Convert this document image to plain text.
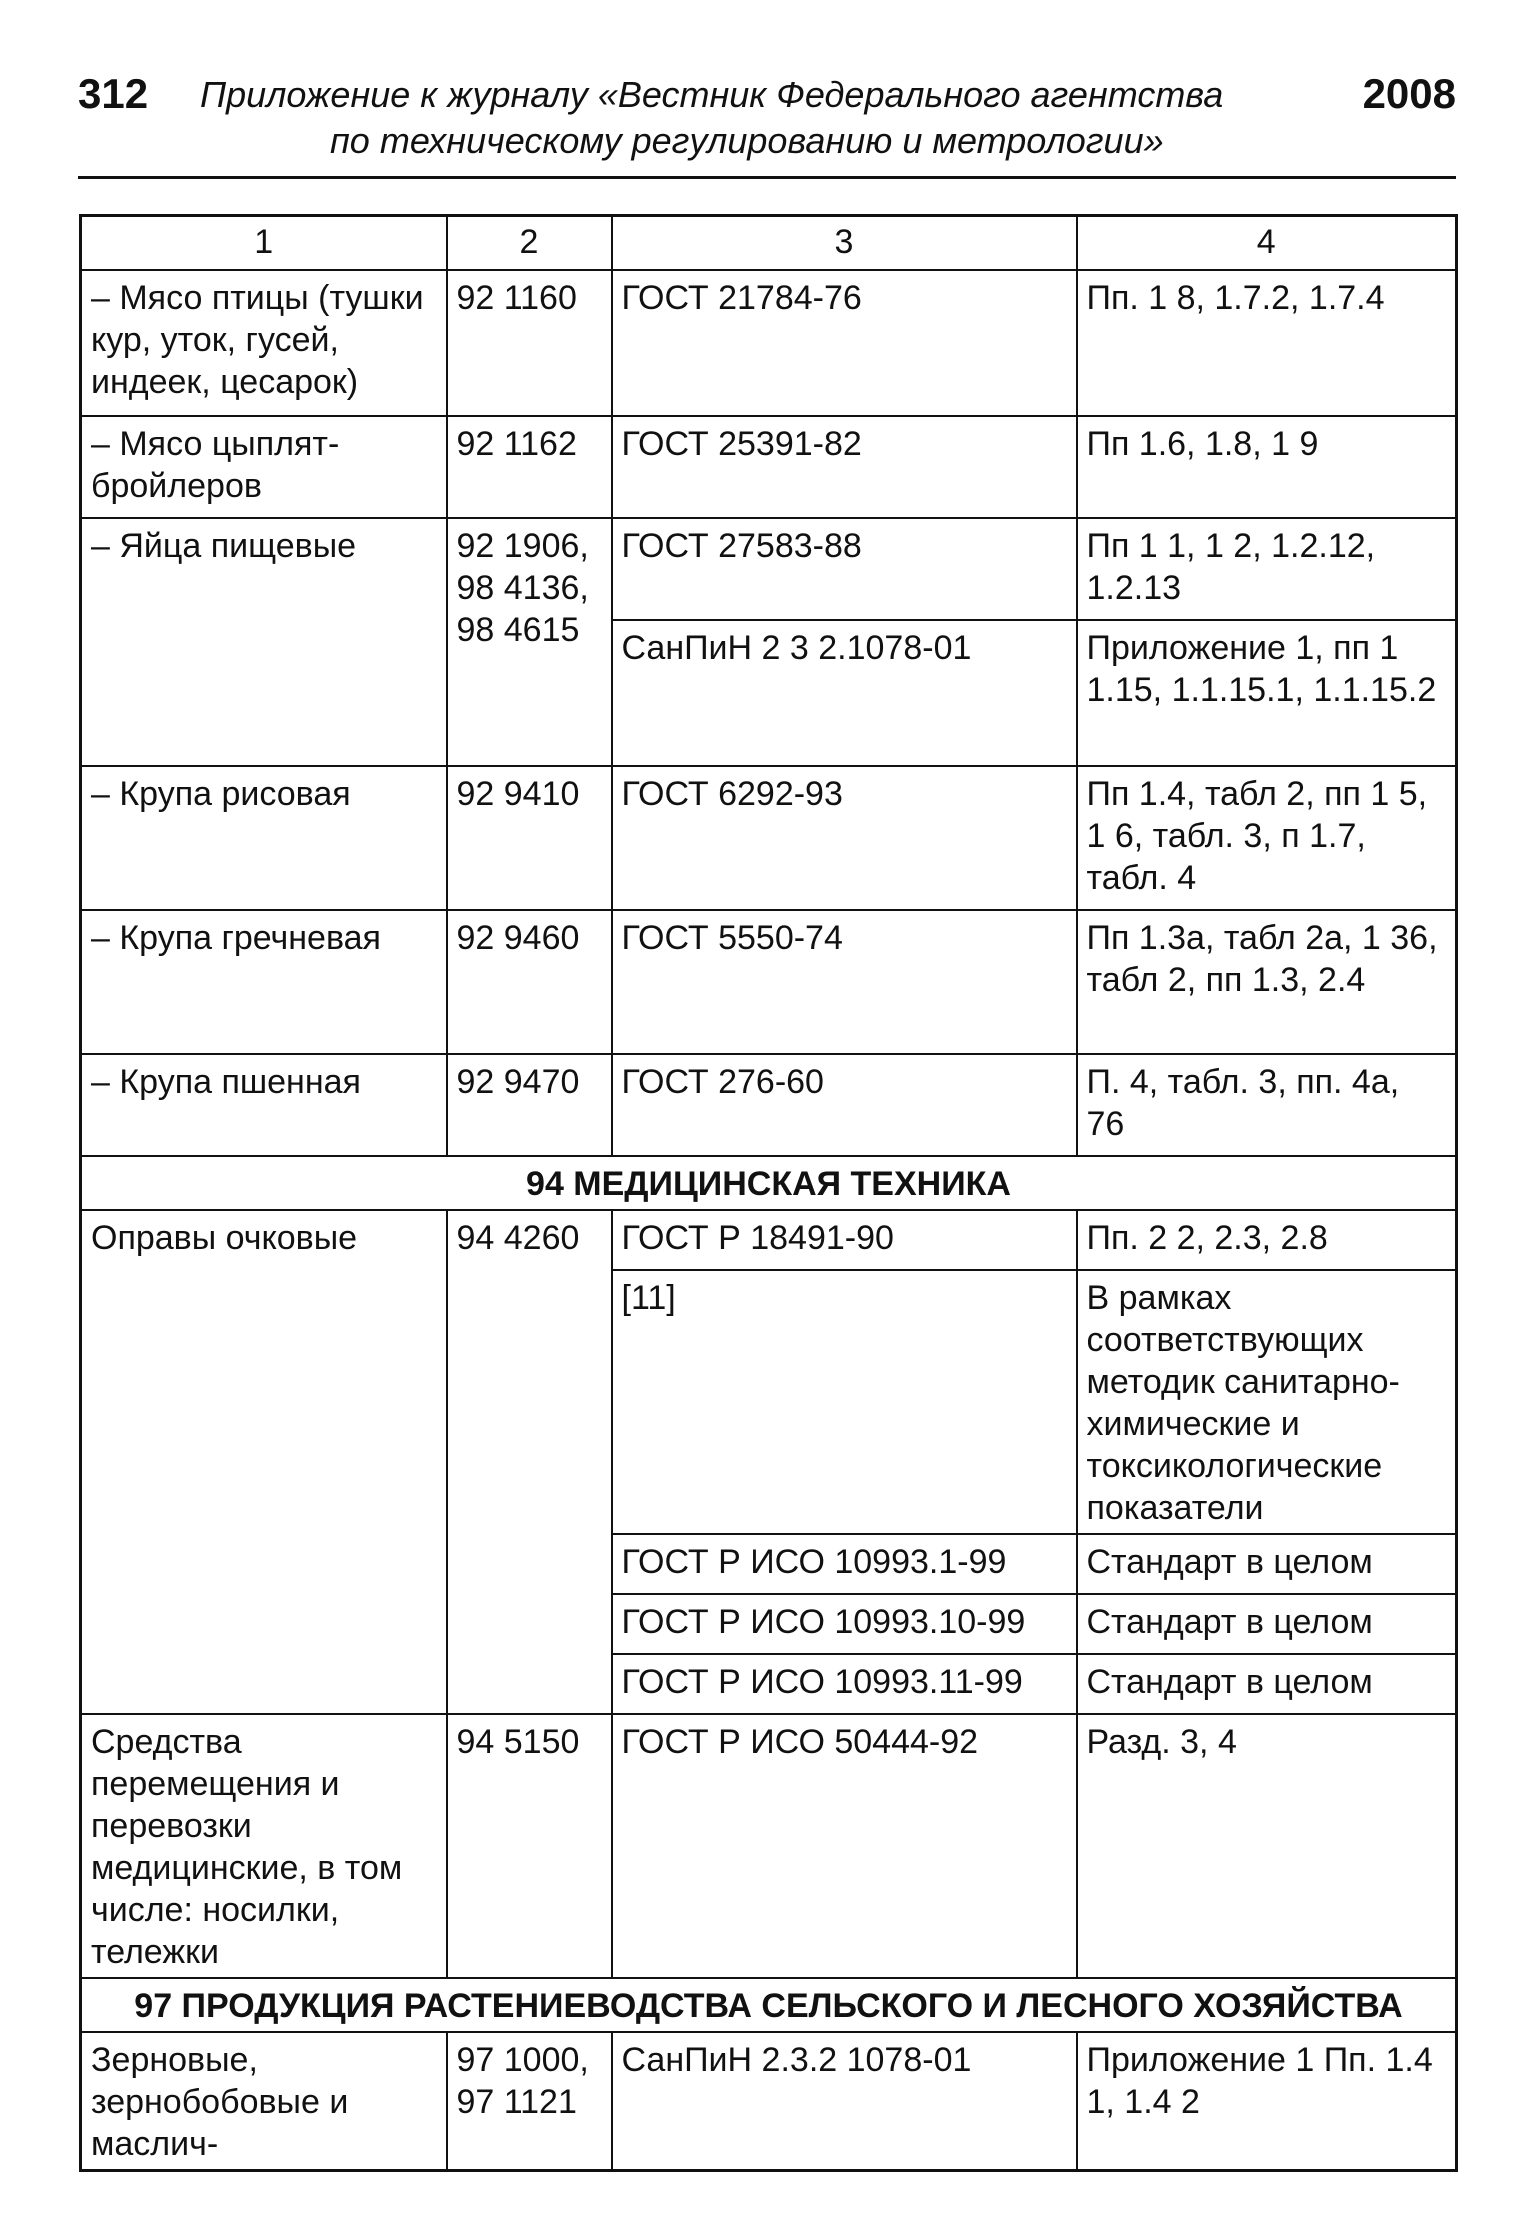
312 Приложение к журналу «Вестник Федерального агентства
по техническому регулированию и метрологии»
2008
1	2	3	4
– Мясо птицы (тушки кур, уток, гусей, индеек, цесарок)	92 1160	ГОСТ 21784-76	Пп. 1 8, 1.7.2, 1.7.4
– Мясо цыплят-бройлеров	92 1162	ГОСТ 25391-82	Пп 1.6, 1.8, 1 9
– Яйца пищевые	92 1906, 98 4136, 98 4615	ГОСТ 27583-88	Пп 1 1, 1 2, 1.2.12, 1.2.13
		СанПиН 2 3 2.1078-01	Приложение 1, пп 1 1.15, 1.1.15.1, 1.1.15.2
– Крупа рисовая	92 9410	ГОСТ 6292-93	Пп 1.4, табл 2, пп 1 5, 1 6, табл. 3, п 1.7, табл. 4
– Крупа гречневая	92 9460	ГОСТ 5550-74	Пп 1.3а, табл 2а, 1 36, табл 2, пп 1.3, 2.4
– Крупа пшенная	92 9470	ГОСТ 276-60	П. 4, табл. 3, пп. 4а, 76
94 МЕДИЦИНСКАЯ ТЕХНИКА			
Оправы очковые	94 4260	ГОСТ Р 18491-90	Пп. 2 2, 2.3, 2.8
		[11]	В рамках соответствующих методик санитарно-химические и токсикологические показатели
		ГОСТ Р ИСО 10993.1-99	Стандарт в целом
		ГОСТ Р ИСО 10993.10-99	Стандарт в целом
		ГОСТ Р ИСО 10993.11-99	Стандарт в целом
Средства перемещения и перевозки медицинские, в том числе: носилки, тележки	94 5150	ГОСТ Р ИСО 50444-92	Разд. 3, 4
97 ПРОДУКЦИЯ РАСТЕНИЕВОДСТВА СЕЛЬСКОГО И ЛЕСНОГО ХОЗЯЙСТВА			
Зерновые, зернобобовые и маслич-	97 1000, 97 1121	СанПиН 2.3.2 1078-01	Приложение 1 Пп. 1.4 1, 1.4 2
